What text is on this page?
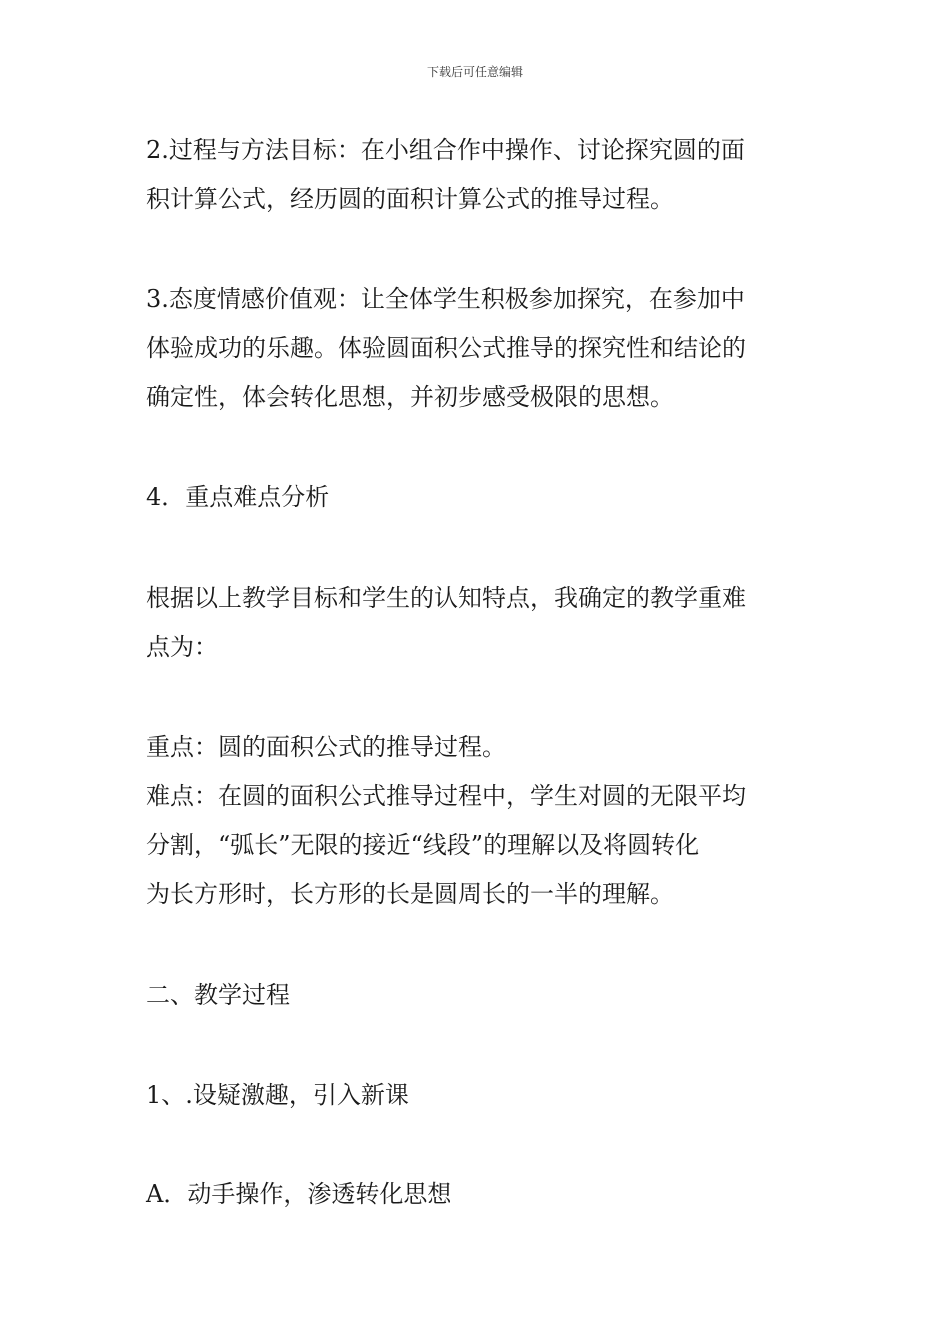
下载后可任意编辑
2.过程与方法目标：在小组合作中操作、讨论探究圆的面
积计算公式，经历圆的面积计算公式的推导过程。
3.态度情感价值观：让全体学生积极参加探究，在参加中
体验成功的乐趣。体验圆面积公式推导的探究性和结论的
确定性，体会转化思想，并初步感受极限的思想。
4．重点难点分析
根据以上教学目标和学生的认知特点，我确定的教学重难
点为：
重点：圆的面积公式的推导过程。
难点：在圆的面积公式推导过程中，学生对圆的无限平均
分割，“弧长”无限的接近“线段”的理解以及将圆转化
为长方形时，长方形的长是圆周长的一半的理解。
二、教学过程
1、.设疑激趣，引入新课
A．动手操作，渗透转化思想
